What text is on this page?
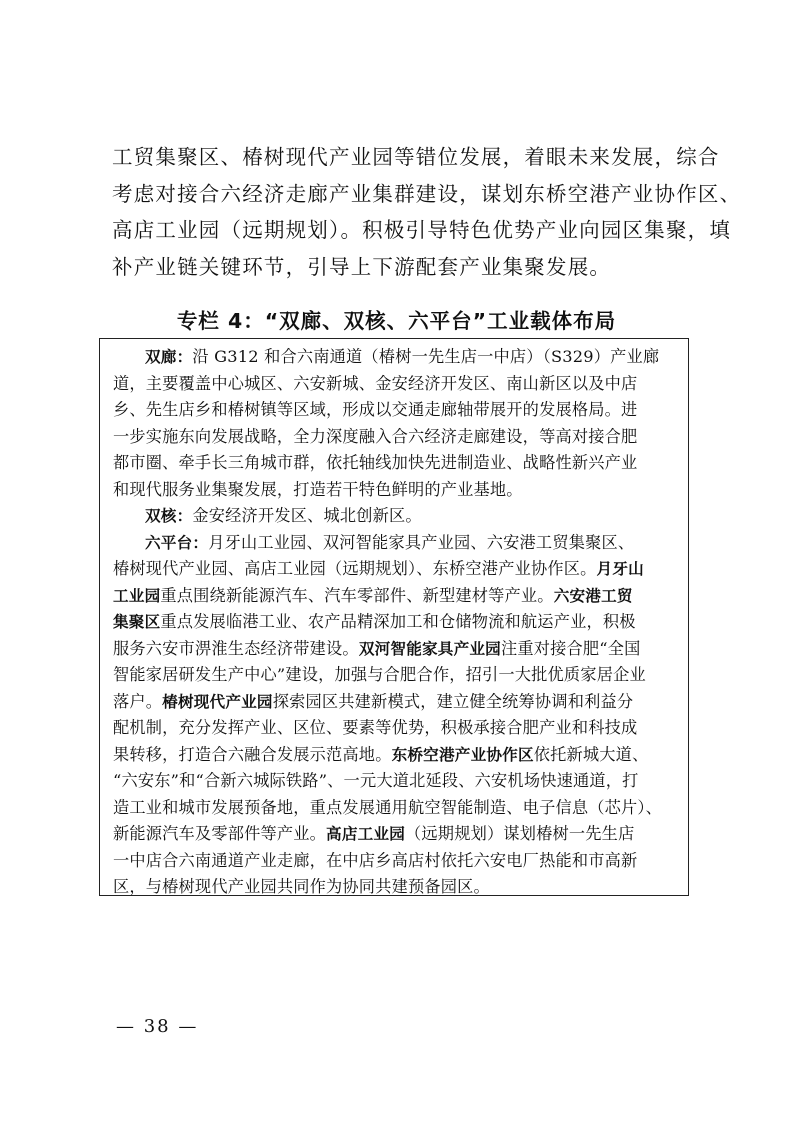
工贸集聚区、椿树现代产业园等错位发展，着眼未来发展，综合
考虑对接合六经济走廊产业集群建设，谋划东桥空港产业协作区、
高店工业园（远期规划）。积极引导特色优势产业向园区集聚，填
补产业链关键环节，引导上下游配套产业集聚发展。
专栏 4：“双廊、双核、六平台”工业载体布局
双廊：沿 G312 和合六南通道（椿树一先生店一中店）（S329）产业廊
道，主要覆盖中心城区、六安新城、金安经济开发区、南山新区以及中店
乡、先生店乡和椿树镇等区域，形成以交通走廊轴带展开的发展格局。进
一步实施东向发展战略，全力深度融入合六经济走廊建设，等高对接合肥
都市圈、牵手长三角城市群，依托轴线加快先进制造业、战略性新兴产业
和现代服务业集聚发展，打造若干特色鲜明的产业基地。
双核：金安经济开发区、城北创新区。
六平台：月牙山工业园、双河智能家具产业园、六安港工贸集聚区、
椿树现代产业园、高店工业园（远期规划）、东桥空港产业协作区。月牙山
工业园重点围绕新能源汽车、汽车零部件、新型建材等产业。六安港工贸
集聚区重点发展临港工业、农产品精深加工和仓储物流和航运产业，积极
服务六安市淠淮生态经济带建设。双河智能家具产业园注重对接合肥“全国
智能家居研发生产中心”建设，加强与合肥合作，招引一大批优质家居企业
落户。椿树现代产业园探索园区共建新模式，建立健全统筹协调和利益分
配机制，充分发挥产业、区位、要素等优势，积极承接合肥产业和科技成
果转移，打造合六融合发展示范高地。东桥空港产业协作区依托新城大道、
“六安东”和“合新六城际铁路”、一元大道北延段、六安机场快速通道，打
造工业和城市发展预备地，重点发展通用航空智能制造、电子信息（芯片）、
新能源汽车及零部件等产业。高店工业园（远期规划）谋划椿树一先生店
一中店合六南通道产业走廊，在中店乡高店村依托六安电厂热能和市高新
区，与椿树现代产业园共同作为协同共建预备园区。
— 38 —
